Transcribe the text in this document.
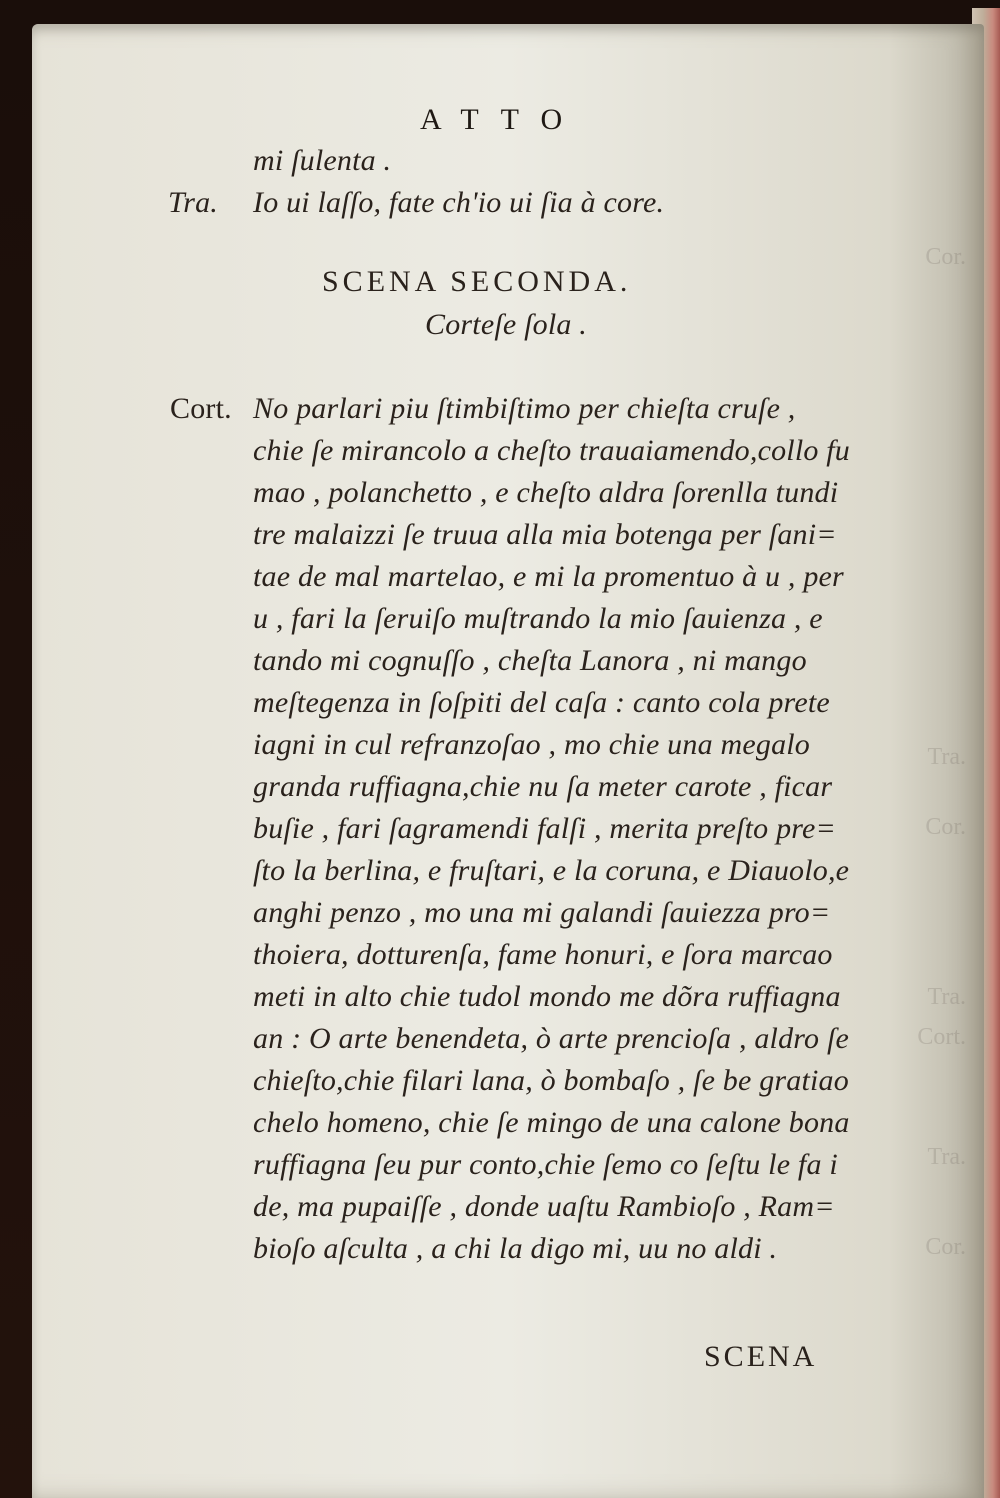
Cor.
Tra.
Cor.
Tra.
Cort.
Tra.
Cor.
ATTO
mi ſulenta .
Tra. Io ui laſſo, fate ch'io ui ſia à core.
SCENA SECONDA.
Corteſe ſola .
Cort. No parlari piu ſtimbiſtimo per chieſta cruſe ,
chie ſe mirancolo a cheſto trauaiamendo,collo fu
mao , polanchetto , e cheſto aldra ſorenlla tundi
tre malaizzi ſe truua alla mia botenga per ſani=
tae de mal martelao, e mi la promentuo à u , per
u , fari la ſeruiſo muſtrando la mio ſauienza , e
tando mi cognuſſo , cheſta Lanora , ni mango
meſtegenza in ſoſpiti del caſa : canto cola prete
iagni in cul refranzoſao , mo chie una megalo
granda ruffiagna,chie nu ſa meter carote , ficar
buſie , fari ſagramendi falſi , merita preſto pre=
ſto la berlina, e fruſtari, e la coruna, e Diauolo,e
anghi penzo , mo una mi galandi ſauiezza pro=
thoiera, dotturenſa, fame honuri, e ſora marcao
meti in alto chie tudol mondo me dõra ruffiagna
an : O arte benendeta, ò arte prencioſa , aldro ſe
chieſto,chie filari lana, ò bombaſo , ſe be gratiao
chelo homeno, chie ſe mingo de una calone bona
ruffiagna ſeu pur conto,chie ſemo co ſeſtu le fa i
de, ma pupaiſſe , donde uaſtu Rambioſo , Ram=
bioſo aſculta , a chi la digo mi, uu no aldi .
SCENA
